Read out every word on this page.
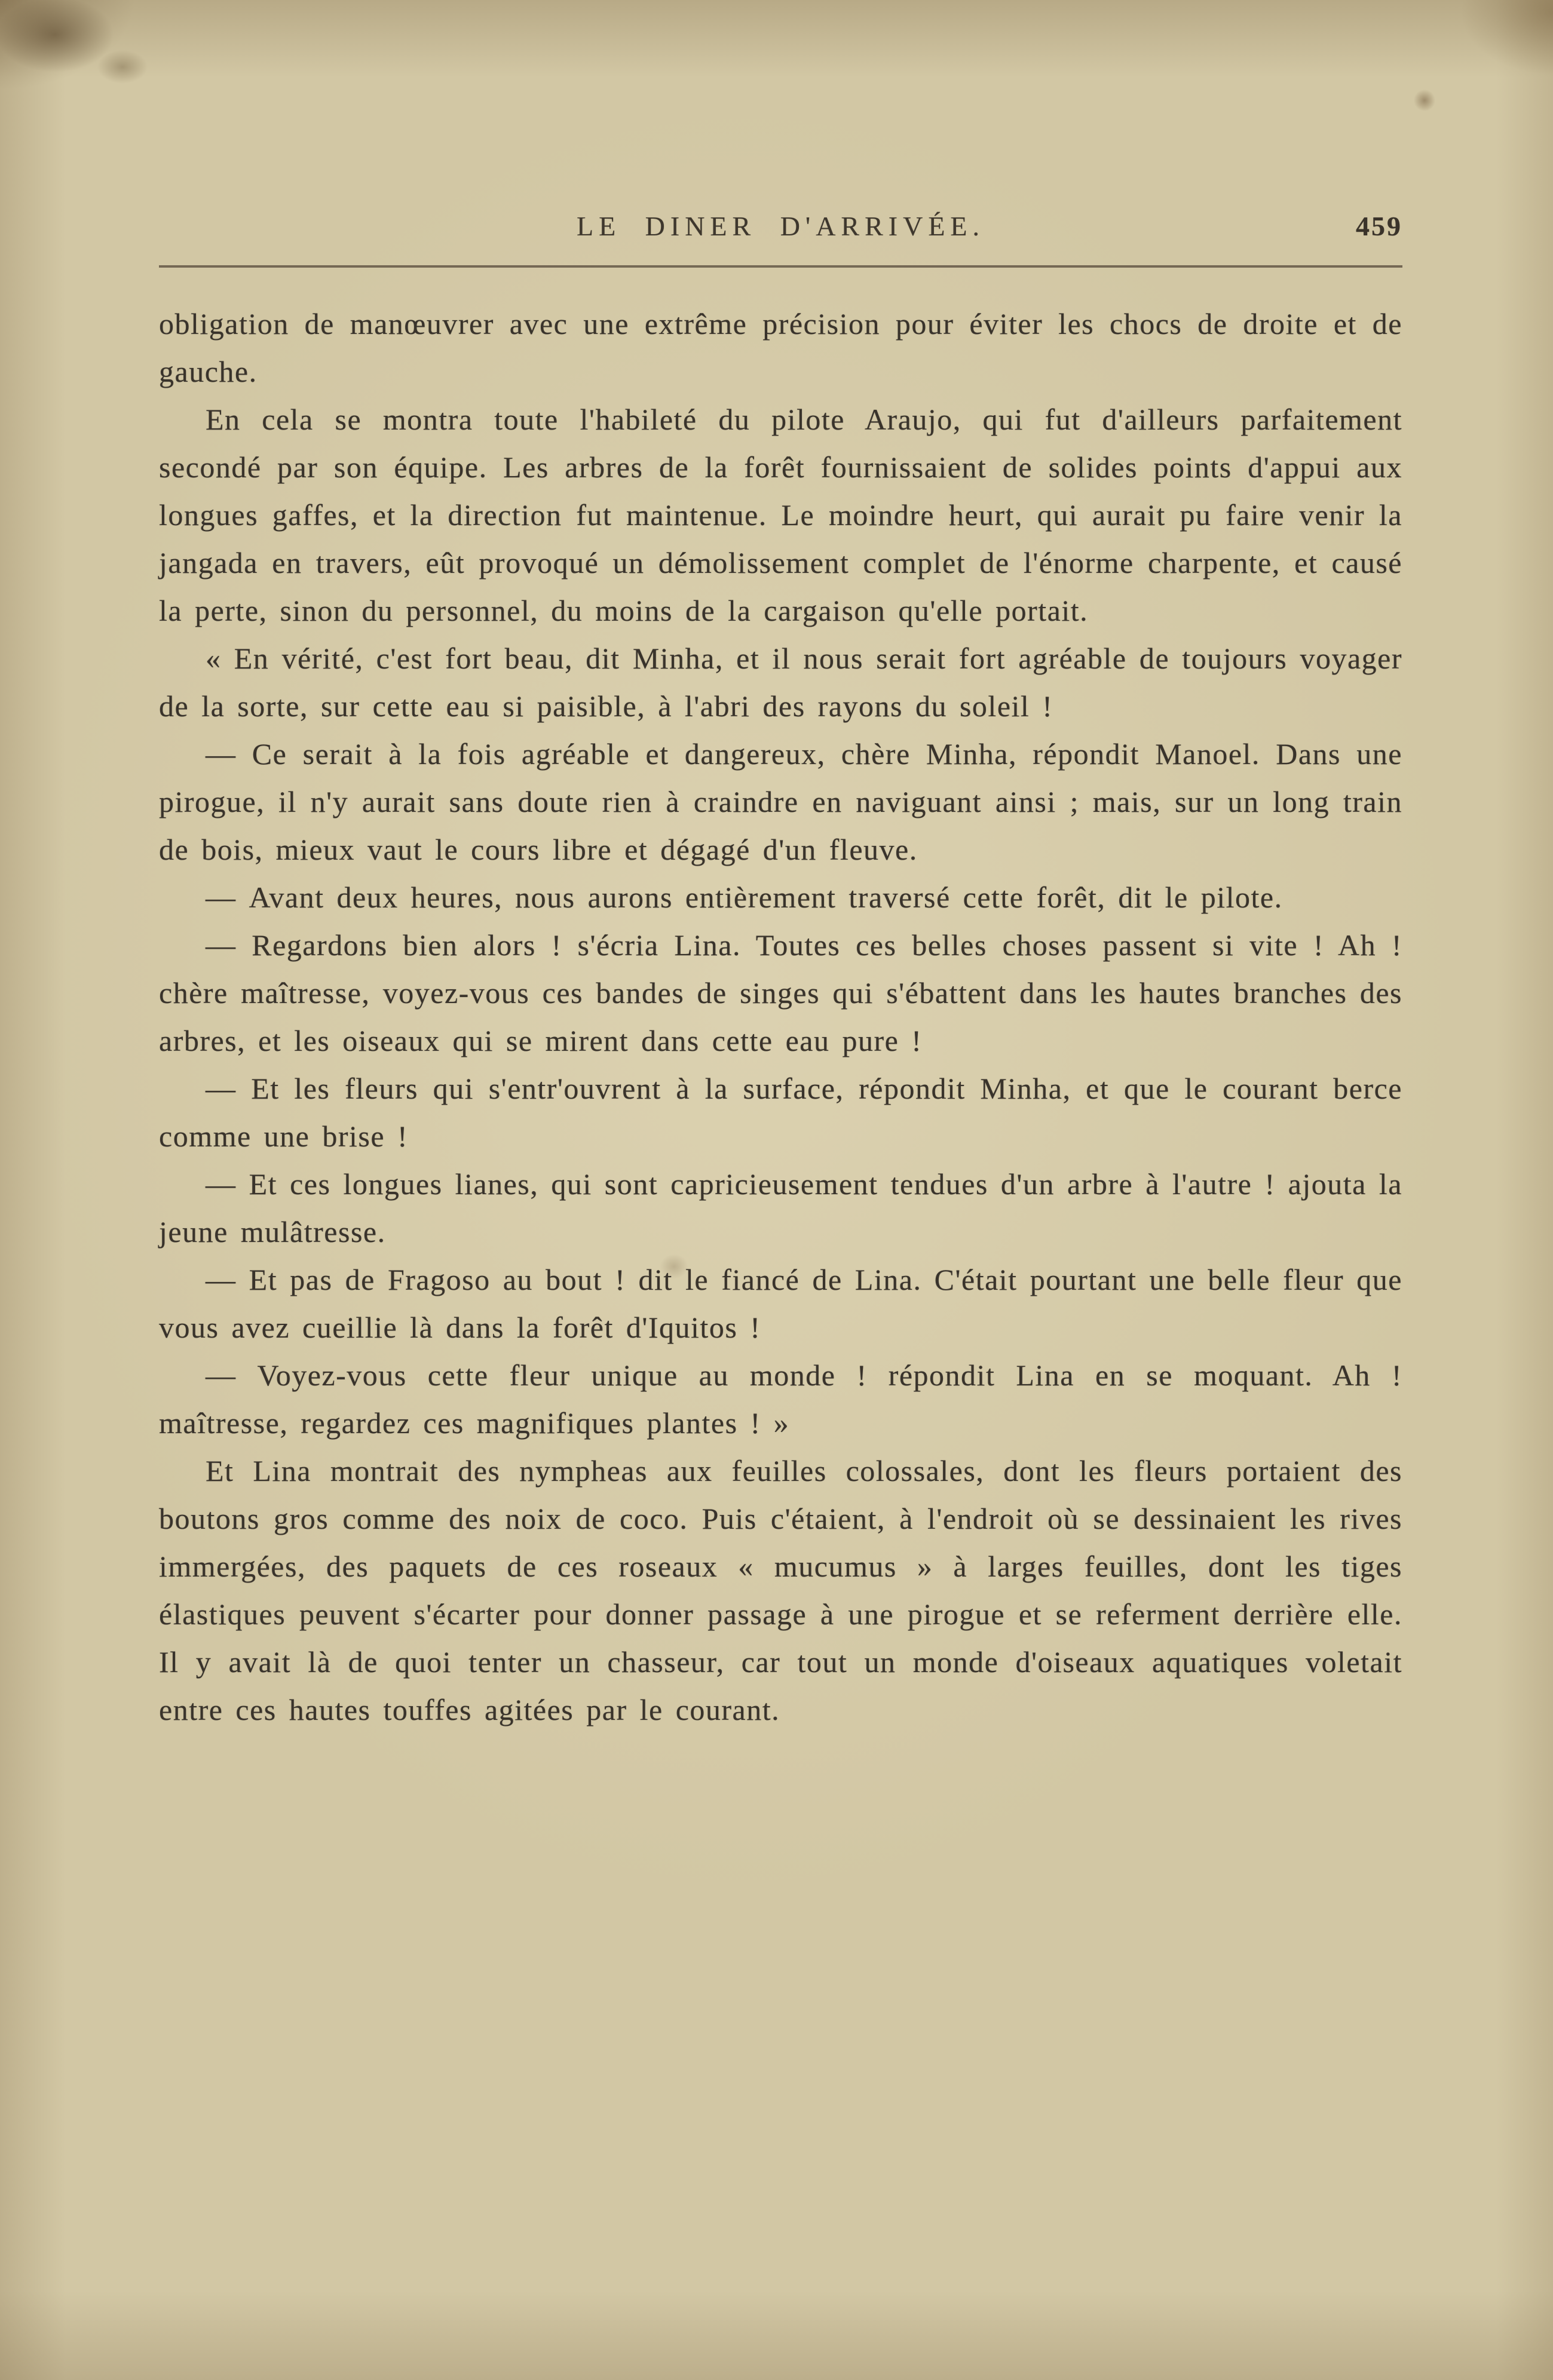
LE DINER D'ARRIVÉE.	459

obligation de manœuvrer avec une extrême précision pour éviter les chocs de droite et de gauche.

En cela se montra toute l'habileté du pilote Araujo, qui fut d'ailleurs parfaitement secondé par son équipe. Les arbres de la forêt fournissaient de solides points d'appui aux longues gaffes, et la direction fut maintenue. Le moindre heurt, qui aurait pu faire venir la jangada en travers, eût provoqué un démolissement complet de l'énorme charpente, et causé la perte, sinon du personnel, du moins de la cargaison qu'elle portait.

« En vérité, c'est fort beau, dit Minha, et il nous serait fort agréable de toujours voyager de la sorte, sur cette eau si paisible, à l'abri des rayons du soleil !

— Ce serait à la fois agréable et dangereux, chère Minha, répondit Manoel. Dans une pirogue, il n'y aurait sans doute rien à craindre en naviguant ainsi ; mais, sur un long train de bois, mieux vaut le cours libre et dégagé d'un fleuve.

— Avant deux heures, nous aurons entièrement traversé cette forêt, dit le pilote.

— Regardons bien alors ! s'écria Lina. Toutes ces belles choses passent si vite ! Ah ! chère maîtresse, voyez-vous ces bandes de singes qui s'ébattent dans les hautes branches des arbres, et les oiseaux qui se mirent dans cette eau pure !

— Et les fleurs qui s'entr'ouvrent à la surface, répondit Minha, et que le courant berce comme une brise !

— Et ces longues lianes, qui sont capricieusement tendues d'un arbre à l'autre ! ajouta la jeune mulâtresse.

— Et pas de Fragoso au bout ! dit le fiancé de Lina. C'était pourtant une belle fleur que vous avez cueillie là dans la forêt d'Iquitos !

— Voyez-vous cette fleur unique au monde ! répondit Lina en se moquant. Ah ! maîtresse, regardez ces magnifiques plantes ! »

Et Lina montrait des nympheas aux feuilles colossales, dont les fleurs portaient des boutons gros comme des noix de coco. Puis c'étaient, à l'endroit où se dessinaient les rives immergées, des paquets de ces roseaux « mucumus » à larges feuilles, dont les tiges élastiques peuvent s'écarter pour donner passage à une pirogue et se referment derrière elle. Il y avait là de quoi tenter un chasseur, car tout un monde d'oiseaux aquatiques voletait entre ces hautes touffes agitées par le courant.
